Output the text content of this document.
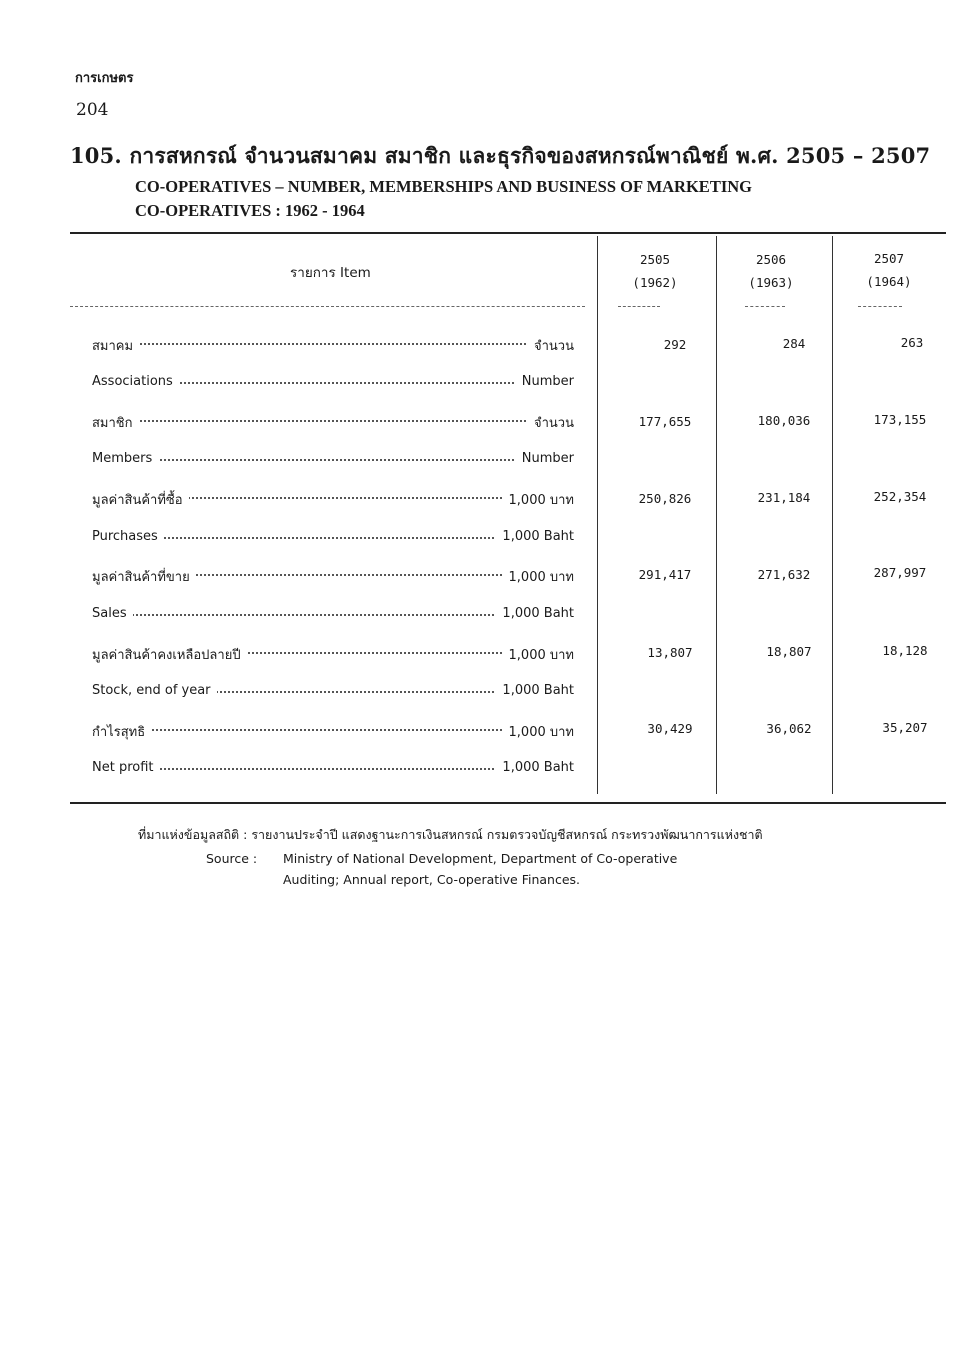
การเกษตร
204
105. การสหกรณ์ จำนวนสมาคม สมาชิก และธุรกิจของสหกรณ์พาณิชย์ พ.ศ. 2505 – 2507
CO-OPERATIVES – NUMBER, MEMBERSHIPS AND BUSINESS OF MARKETING
CO-OPERATIVES : 1962 - 1964
รายการ Item
2505
(1962)
2506
(1963)
2507
(1964)
สมาคม	จำนวน
Associations	Number
292	284	263
สมาชิก	จำนวน
Members	Number
177,655	180,036	173,155
มูลค่าสินค้าที่ซื้อ	1,000 บาท
Purchases	1,000 Baht
250,826	231,184	252,354
มูลค่าสินค้าที่ขาย	1,000 บาท
Sales	1,000 Baht
291,417	271,632	287,997
มูลค่าสินค้าคงเหลือปลายปี	1,000 บาท
Stock, end of year	1,000 Baht
13,807	18,807	18,128
กำไรสุทธิ	1,000 บาท
Net profit	1,000 Baht
30,429	36,062	35,207
ที่มาแห่งข้อมูลสถิติ : รายงานประจำปี แสดงฐานะการเงินสหกรณ์ กรมตรวจบัญชีสหกรณ์ กระทรวงพัฒนาการแห่งชาติ
Source : Ministry of National Development, Department of Co-operative
Auditing; Annual report, Co-operative Finances.
